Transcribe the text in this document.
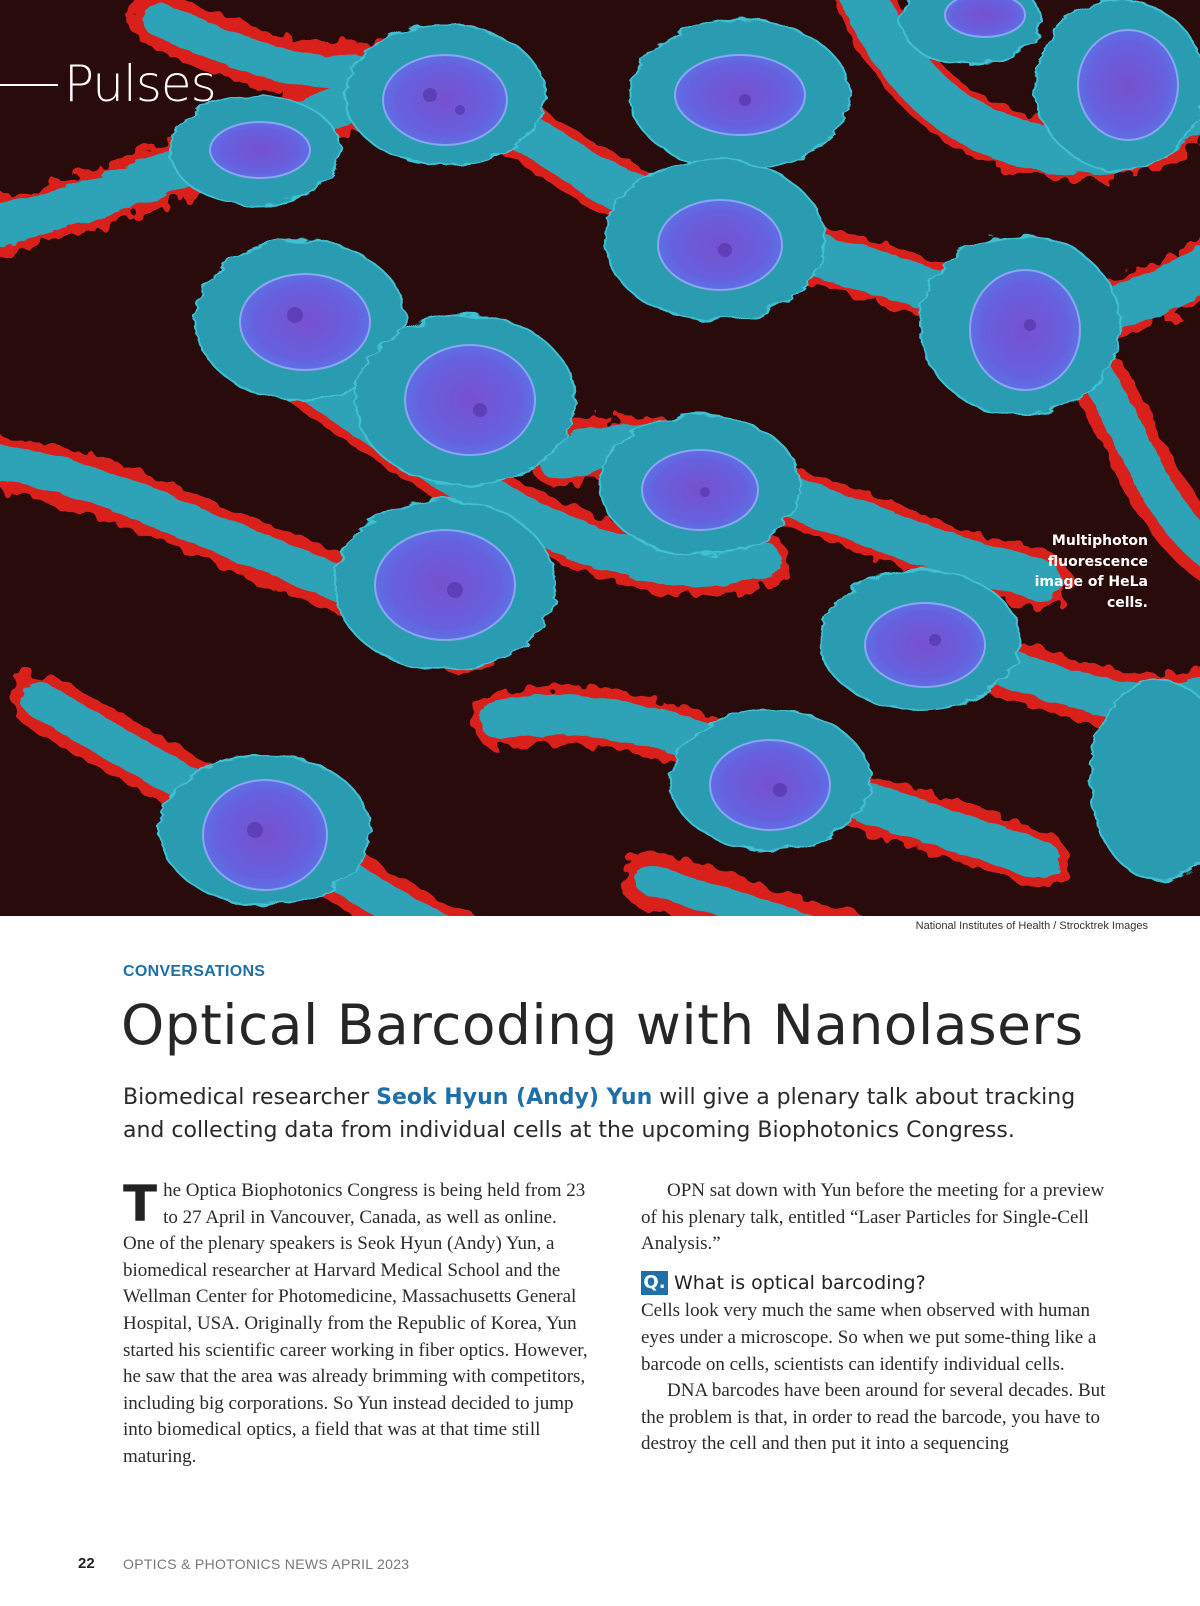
Pulses
Multiphoton
fluorescence
image of HeLa
cells.
National Institutes of Health / Strocktrek Images
CONVERSATIONS
Optical Barcoding with Nanolasers
Biomedical researcher Seok Hyun (Andy) Yun will give a plenary talk about tracking and collecting data from individual cells at the upcoming Biophotonics Congress.

The Optica Biophotonics Congress is being held from 23 to 27 April in Vancouver, Canada, as well as online. One of the plenary speakers is Seok Hyun (Andy) Yun, a biomedical researcher at Harvard Medical School and the Wellman Center for Photomedicine, Massachusetts General Hospital, USA. Originally from the Republic of Korea, Yun started his scientific career working in fiber optics. However, he saw that the area was already brimming with competitors, including big corporations. So Yun instead decided to jump into biomedical optics, a field that was at that time still maturing.

OPN sat down with Yun before the meeting for a preview of his plenary talk, entitled “Laser Particles for Single-Cell Analysis.”

Q. What is optical barcoding?

Cells look very much the same when observed with human eyes under a microscope. So when we put some-thing like a barcode on cells, scientists can identify individual cells.

DNA barcodes have been around for several decades. But the problem is that, in order to read the barcode, you have to destroy the cell and then put it into a sequencing

22 OPTICS & PHOTONICS NEWS APRIL 2023
